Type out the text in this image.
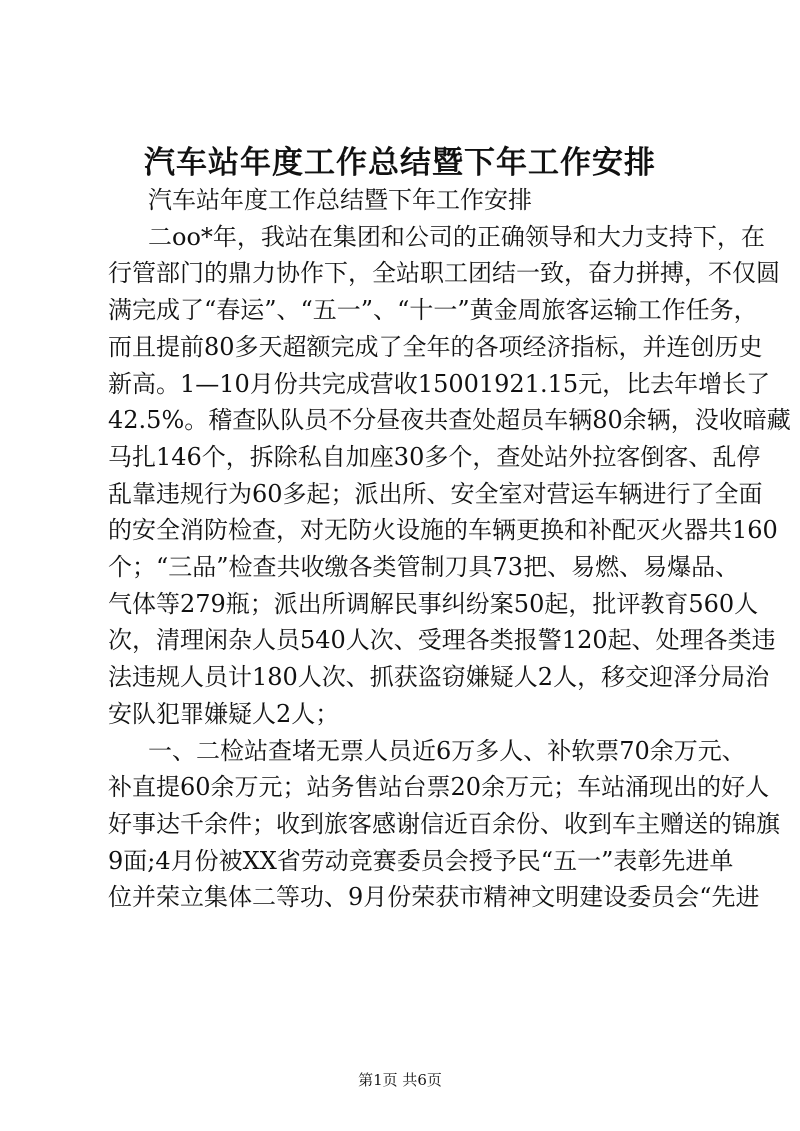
汽车站年度工作总结暨下年工作安排
汽车站年度工作总结暨下年工作安排
二oo*年，我站在集团和公司的正确领导和大力支持下，在
行管部门的鼎力协作下，全站职工团结一致，奋力拼搏，不仅圆
满完成了“春运”、“五一”、“十一”黄金周旅客运输工作任务，
而且提前80多天超额完成了全年的各项经济指标，并连创历史
新高。1—10月份共完成营收15001921.15元，比去年增长了
42.5%。稽查队队员不分昼夜共查处超员车辆80余辆，没收暗藏
马扎146个，拆除私自加座30多个，查处站外拉客倒客、乱停
乱靠违规行为60多起；派出所、安全室对营运车辆进行了全面
的安全消防检查，对无防火设施的车辆更换和补配灭火器共160
个；“三品”检查共收缴各类管制刀具73把、易燃、易爆品、
气体等279瓶；派出所调解民事纠纷案50起，批评教育560人
次，清理闲杂人员540人次、受理各类报警120起、处理各类违
法违规人员计180人次、抓获盗窃嫌疑人2人，移交迎泽分局治
安队犯罪嫌疑人2人；
一、二检站查堵无票人员近6万多人、补软票70余万元、
补直提60余万元；站务售站台票20余万元；车站涌现出的好人
好事达千余件；收到旅客感谢信近百余份、收到车主赠送的锦旗
9面;4月份被XX省劳动竞赛委员会授予民“五一”表彰先进单
位并荣立集体二等功、9月份荣获市精神文明建设委员会“先进
第1页 共6页
